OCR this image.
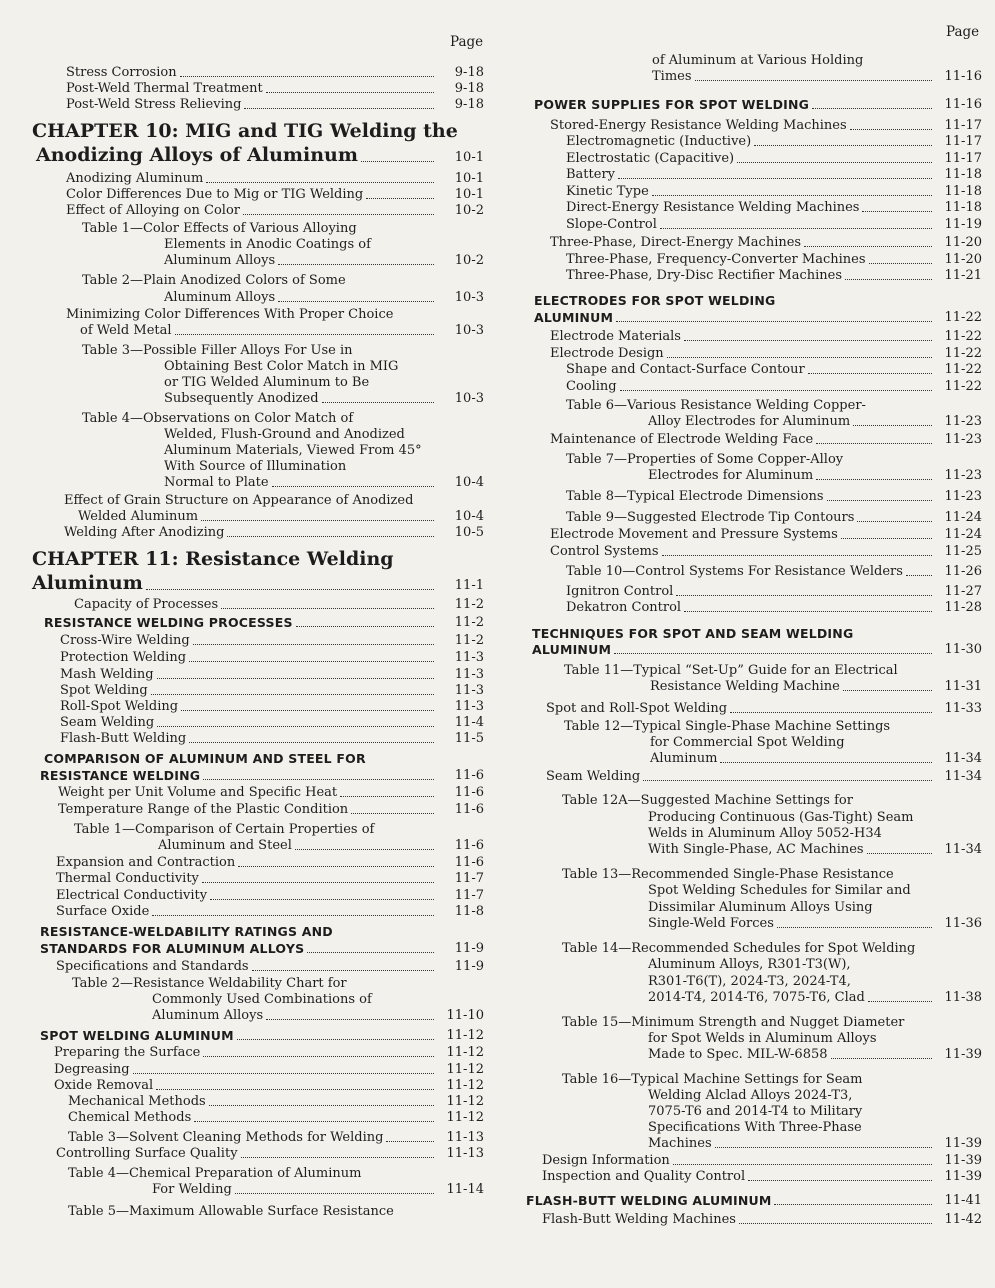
Page
Page
Stress Corrosion	9-18
Post-Weld Thermal Treatment	9-18
Post-Weld Stress Relieving	9-18
CHAPTER 10: MIG and TIG Welding the
Anodizing Alloys of Aluminum	10-1
Anodizing Aluminum	10-1
Color Differences Due to Mig or TIG Welding	10-1
Effect of Alloying on Color	10-2
Table 1—Color Effects of Various Alloying
Elements in Anodic Coatings of
Aluminum Alloys	10-2
Table 2—Plain Anodized Colors of Some
Aluminum Alloys	10-3
Minimizing Color Differences With Proper Choice
of Weld Metal	10-3
Table 3—Possible Filler Alloys For Use in
Obtaining Best Color Match in MIG
or TIG Welded Aluminum to Be
Subsequently Anodized	10-3
Table 4—Observations on Color Match of
Welded, Flush-Ground and Anodized
Aluminum Materials, Viewed From 45°
With Source of Illumination
Normal to Plate	10-4
Effect of Grain Structure on Appearance of Anodized
Welded Aluminum	10-4
Welding After Anodizing	10-5
CHAPTER 11: Resistance Welding
Aluminum	11-1
Capacity of Processes	11-2
RESISTANCE WELDING PROCESSES	11-2
Cross-Wire Welding	11-2
Protection Welding	11-3
Mash Welding	11-3
Spot Welding	11-3
Roll-Spot Welding	11-3
Seam Welding	11-4
Flash-Butt Welding	11-5
COMPARISON OF ALUMINUM AND STEEL FOR
RESISTANCE WELDING	11-6
Weight per Unit Volume and Specific Heat	11-6
Temperature Range of the Plastic Condition	11-6
Table 1—Comparison of Certain Properties of
Aluminum and Steel	11-6
Expansion and Contraction	11-6
Thermal Conductivity	11-7
Electrical Conductivity	11-7
Surface Oxide	11-8
RESISTANCE-WELDABILITY RATINGS AND
STANDARDS FOR ALUMINUM ALLOYS	11-9
Specifications and Standards	11-9
Table 2—Resistance Weldability Chart for
Commonly Used Combinations of
Aluminum Alloys	11-10
SPOT WELDING ALUMINUM	11-12
Preparing the Surface	11-12
Degreasing	11-12
Oxide Removal	11-12
Mechanical Methods	11-12
Chemical Methods	11-12
Table 3—Solvent Cleaning Methods for Welding	11-13
Controlling Surface Quality	11-13
Table 4—Chemical Preparation of Aluminum
For Welding	11-14
Table 5—Maximum Allowable Surface Resistance
of Aluminum at Various Holding
Times	11-16
POWER SUPPLIES FOR SPOT WELDING	11-16
Stored-Energy Resistance Welding Machines	11-17
Electromagnetic (Inductive)	11-17
Electrostatic (Capacitive)	11-17
Battery	11-18
Kinetic Type	11-18
Direct-Energy Resistance Welding Machines	11-18
Slope-Control	11-19
Three-Phase, Direct-Energy Machines	11-20
Three-Phase, Frequency-Converter Machines	11-20
Three-Phase, Dry-Disc Rectifier Machines	11-21
ELECTRODES FOR SPOT WELDING
ALUMINUM	11-22
Electrode Materials	11-22
Electrode Design	11-22
Shape and Contact-Surface Contour	11-22
Cooling	11-22
Table 6—Various Resistance Welding Copper-
Alloy Electrodes for Aluminum	11-23
Maintenance of Electrode Welding Face	11-23
Table 7—Properties of Some Copper-Alloy
Electrodes for Aluminum	11-23
Table 8—Typical Electrode Dimensions	11-23
Table 9—Suggested Electrode Tip Contours	11-24
Electrode Movement and Pressure Systems	11-24
Control Systems	11-25
Table 10—Control Systems For Resistance Welders	11-26
Ignitron Control	11-27
Dekatron Control	11-28
TECHNIQUES FOR SPOT AND SEAM WELDING
ALUMINUM	11-30
Table 11—Typical “Set-Up” Guide for an Electrical
Resistance Welding Machine	11-31
Spot and Roll-Spot Welding	11-33
Table 12—Typical Single-Phase Machine Settings
for Commercial Spot Welding
Aluminum	11-34
Seam Welding	11-34
Table 12A—Suggested Machine Settings for
Producing Continuous (Gas-Tight) Seam
Welds in Aluminum Alloy 5052-H34
With Single-Phase, AC Machines	11-34
Table 13—Recommended Single-Phase Resistance
Spot Welding Schedules for Similar and
Dissimilar Aluminum Alloys Using
Single-Weld Forces	11-36
Table 14—Recommended Schedules for Spot Welding
Aluminum Alloys, R301-T3(W),
R301-T6(T), 2024-T3, 2024-T4,
2014-T4, 2014-T6, 7075-T6, Clad	11-38
Table 15—Minimum Strength and Nugget Diameter
for Spot Welds in Aluminum Alloys
Made to Spec. MIL-W-6858	11-39
Table 16—Typical Machine Settings for Seam
Welding Alclad Alloys 2024-T3,
7075-T6 and 2014-T4 to Military
Specifications With Three-Phase
Machines	11-39
Design Information	11-39
Inspection and Quality Control	11-39
FLASH-BUTT WELDING ALUMINUM	11-41
Flash-Butt Welding Machines	11-42
